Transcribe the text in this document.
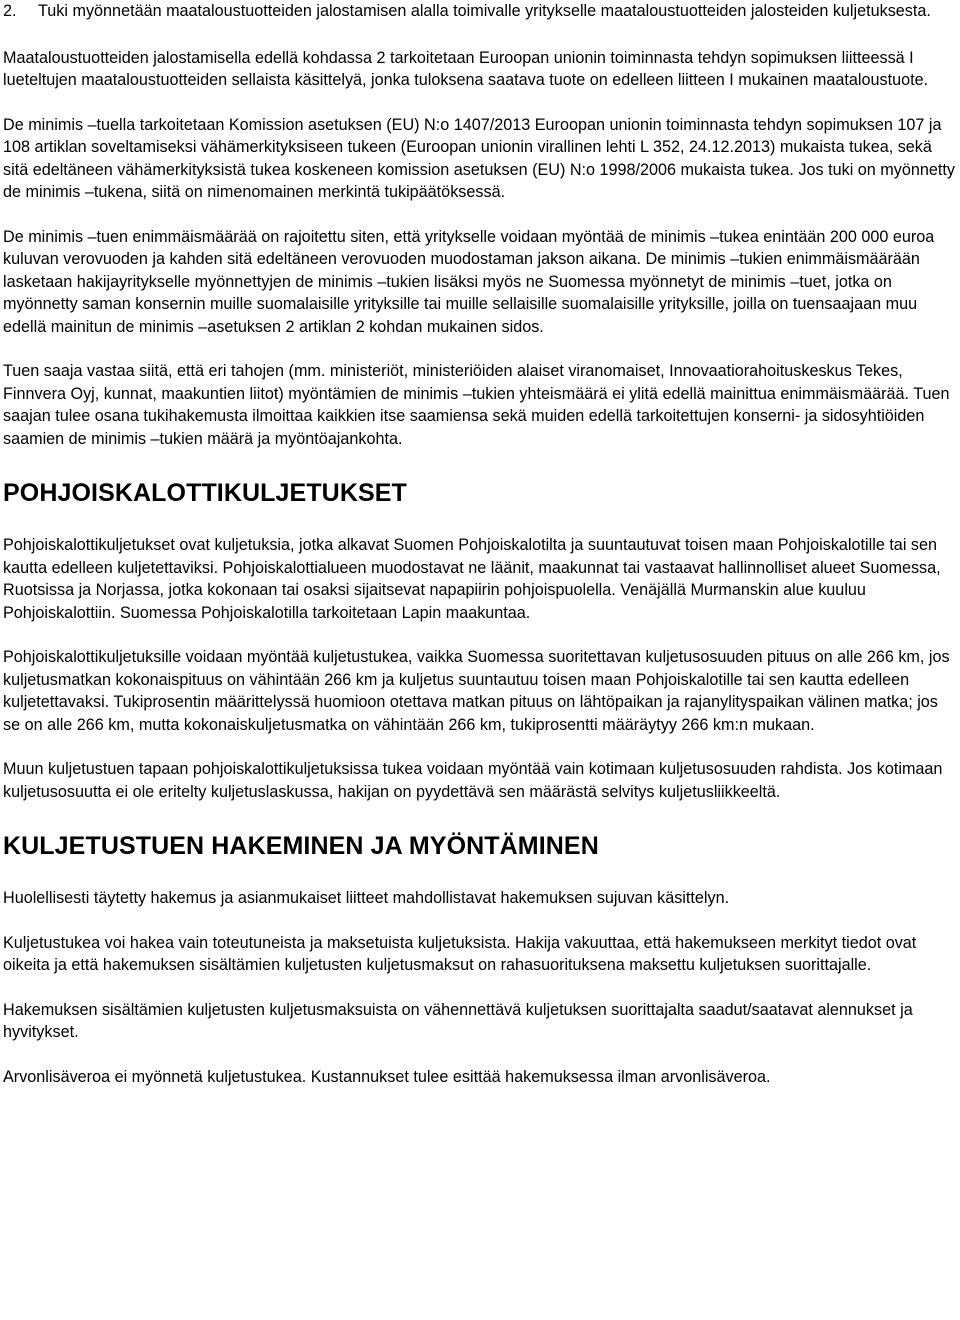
2. Tuki myönnetään maataloustuotteiden jalostamisen alalla toimivalle yritykselle maataloustuotteiden jalosteiden kuljetuksesta.

Maataloustuotteiden jalostamisella edellä kohdassa 2 tarkoitetaan Euroopan unionin toiminnasta tehdyn sopimuksen liitteessä I lueteltujen maataloustuotteiden sellaista käsittelyä, jonka tuloksena saatava tuote on edelleen liitteen I mukainen maataloustuote.

De minimis –tuella tarkoitetaan Komission asetuksen (EU) N:o 1407/2013 Euroopan unionin toiminnasta tehdyn sopimuksen 107 ja 108 artiklan soveltamiseksi vähämerkityksiseen tukeen (Euroopan unionin virallinen lehti L 352, 24.12.2013) mukaista tukea, sekä sitä edeltäneen vähämerkityksistä tukea koskeneen komission asetuksen (EU) N:o 1998/2006 mukaista tukea. Jos tuki on myönnetty de minimis –tukena, siitä on nimenomainen merkintä tukipäätöksessä.

De minimis –tuen enimmäismäärää on rajoitettu siten, että yritykselle voidaan myöntää de minimis –tukea enintään 200 000 euroa kuluvan verovuoden ja kahden sitä edeltäneen verovuoden muodostaman jakson aikana. De minimis –tukien enimmäismäärään lasketaan hakijayritykselle myönnettyjen de minimis –tukien lisäksi myös ne Suomessa myönnetyt de minimis –tuet, jotka on myönnetty saman konsernin muille suomalaisille yrityksille tai muille sellaisille suomalaisille yrityksille, joilla on tuensaajaan muu edellä mainitun de minimis –asetuksen 2 artiklan 2 kohdan mukainen sidos.

Tuen saaja vastaa siitä, että eri tahojen (mm. ministeriöt, ministeriöiden alaiset viranomaiset, Innovaatiorahoituskeskus Tekes, Finnvera Oyj, kunnat, maakuntien liitot) myöntämien de minimis –tukien yhteismäärä ei ylitä edellä mainittua enimmäismäärää. Tuen saajan tulee osana tukihakemusta ilmoittaa kaikkien itse saamiensa sekä muiden edellä tarkoitettujen konserni- ja sidosyhtiöiden saamien de minimis –tukien määrä ja myöntöajankohta.

POHJOISKALOTTIKULJETUKSET

Pohjoiskalottikuljetukset ovat kuljetuksia, jotka alkavat Suomen Pohjoiskalotilta ja suuntautuvat toisen maan Pohjoiskalotille tai sen kautta edelleen kuljetettaviksi. Pohjoiskalottialueen muodostavat ne läänit, maakunnat tai vastaavat hallinnolliset alueet Suomessa, Ruotsissa ja Norjassa, jotka kokonaan tai osaksi sijaitsevat napapiirin pohjoispuolella. Venäjällä Murmanskin alue kuuluu Pohjoiskalottiin. Suomessa Pohjoiskalotilla tarkoitetaan Lapin maakuntaa.

Pohjoiskalottikuljetuksille voidaan myöntää kuljetustukea, vaikka Suomessa suoritettavan kuljetusosuuden pituus on alle 266 km, jos kuljetusmatkan kokonaispituus on vähintään 266 km ja kuljetus suuntautuu toisen maan Pohjoiskalotille tai sen kautta edelleen kuljetettavaksi. Tukiprosentin määrittelyssä huomioon otettava matkan pituus on lähtöpaikan ja rajanylityspaikan välinen matka; jos se on alle 266 km, mutta kokonaiskuljetusmatka on vähintään 266 km, tukiprosentti määräytyy 266 km:n mukaan.

Muun kuljetustuen tapaan pohjoiskalottikuljetuksissa tukea voidaan myöntää vain kotimaan kuljetusosuuden rahdista. Jos kotimaan kuljetusosuutta ei ole eritelty kuljetuslaskussa, hakijan on pyydettävä sen määrästä selvitys kuljetusliikkeeltä.

KULJETUSTUEN HAKEMINEN JA MYÖNTÄMINEN

Huolellisesti täytetty hakemus ja asianmukaiset liitteet mahdollistavat hakemuksen sujuvan käsittelyn.

Kuljetustukea voi hakea vain toteutuneista ja maksetuista kuljetuksista. Hakija vakuuttaa, että hakemukseen merkityt tiedot ovat oikeita ja että hakemuksen sisältämien kuljetusten kuljetusmaksut on rahasuorituksena maksettu kuljetuksen suorittajalle.

Hakemuksen sisältämien kuljetusten kuljetusmaksuista on vähennettävä kuljetuksen suorittajalta saadut/saatavat alennukset ja hyvitykset.

Arvonlisäveroa ei myönnetä kuljetustukea. Kustannukset tulee esittää hakemuksessa ilman arvonlisäveroa.
